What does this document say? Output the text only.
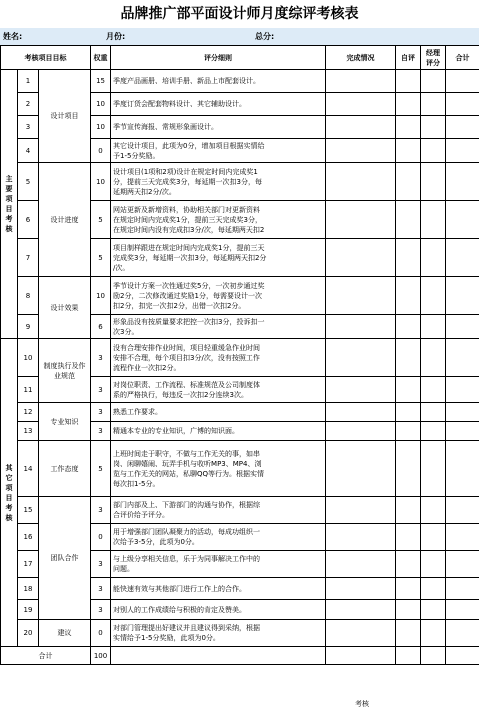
品牌推广部平面设计师月度综评考核表
姓名:	月份:	总分:
考核项目目标			权重	评分细则	完成情况	自评	经理评分	合计

主要项目考核	1	设计项目	15	季度产品画册、培训手册、新品上市配套设计。				
	2		10	季度订货会配套物料设计、其它辅助设计。				
	3		10	季节宣传海报、常规形象画设计。				
	4		0	其它设计项目，此项为0分，增加项目根据实情给
予1-5分奖励。				
	5	设计进度	10	设计项目(1项和2项)设计在规定时间内完成奖1
分，提前三天完成奖3分，每延期一次扣3分，每
延期两天扣2分/次。				
	6		5	网站更新及新增资料，协助相关部门对更新资料
在规定时间内完成奖1分，提前三天完成奖3分，
在规定时间内没有完成扣3分/次，每延期两天扣2				
	7		5	项目制样跟进在规定时间内完成奖1分，提前三天
完成奖3分，每延期一次扣3分，每延期两天扣2分
/次。				
	8	设计效果	10	季节设计方案一次性通过奖5分，一次初步通过奖
励2分，二次修改通过奖励1分，每需要设计一次
扣2分，扣完一次扣2分，出错一次扣2分。				
	9		6	形象品没有按质量要求把控一次扣3分，投诉扣一
次3分。				

其它项目考核	10	制度执行及作业规范	3	没有合理安排作业时间，项目轻重缓急作业时间
安排不合理，每个项目扣3分/次，没有按照工作
流程作业一次扣2分。				
	11		3	对岗位职责、工作流程、标准规范及公司制度体
系的严格执行，每违反一次扣2分连续3次。				
	12	专业知识	3	熟悉工作要求。				
	13		3	精通本专业的专业知识，广博的知识面。				
	14	工作态度	5	上班时间走于职守，不做与工作无关的事，如串
岗、闲聊嬉闹、玩弄手机与收听MP3、MP4、浏
览与工作无关的网站，私聊QQ等行为。根据实情
每次扣1-5分。				
	15	团队合作	3	部门内部及上、下游部门的沟通与协作，根据综
合评价给予评分。				
	16		0	用于增强部门团队凝聚力的活动，每成功组织一
次给予3-5分，此项为0分。				
	17		3	与上级分享相关信息，乐于为同事解决工作中的
问题。				
	18		3	能快速有效与其他部门进行工作上的合作。				
	19		3	对别人的工作成绩给与积极的肯定及赞美。				
	20	建议	0	对部门管理提出好建议并且建议得到采纳，根据
实情给予1-5分奖励，此项为0分。				
合计			100					
考核
